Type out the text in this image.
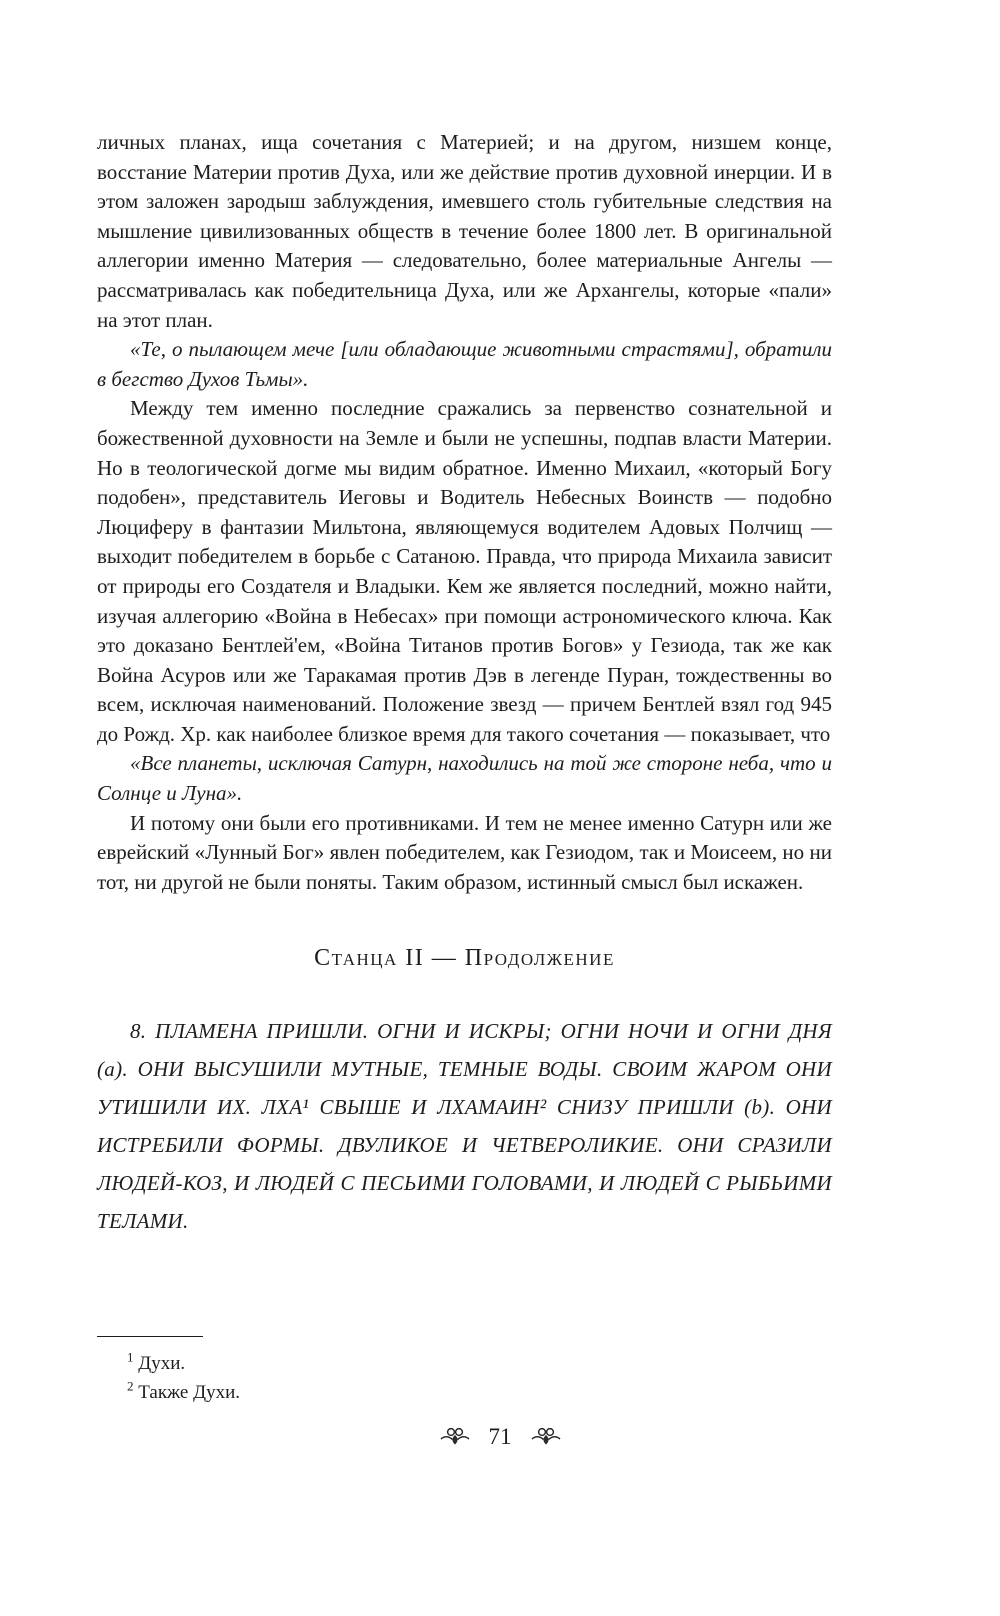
личных планах, ища сочетания с Материей; и на другом, низшем конце, восстание Материи против Духа, или же действие против духовной инерции. И в этом заложен зародыш заблуждения, имевшего столь губительные следствия на мышление цивилизованных обществ в течение более 1800 лет. В оригинальной аллегории именно Материя — следовательно, более материальные Ангелы — рассматривалась как победительница Духа, или же Архангелы, которые «пали» на этот план.

«Те, о пылающем мече [или обладающие животными страстями], обратили в бегство Духов Тьмы».

Между тем именно последние сражались за первенство сознательной и божественной духовности на Земле и были не успешны, подпав власти Материи. Но в теологической догме мы видим обратное. Именно Михаил, «который Богу подобен», представитель Иеговы и Водитель Небесных Воинств — подобно Люциферу в фантазии Мильтона, являющемуся водителем Адовых Полчищ — выходит победителем в борьбе с Сатаною. Правда, что природа Михаила зависит от природы его Создателя и Владыки. Кем же является последний, можно найти, изучая аллегорию «Война в Небесах» при помощи астрономического ключа. Как это доказано Бентлей'ем, «Война Титанов против Богов» у Гезиода, так же как Война Асуров или же Таракамая против Дэв в легенде Пуран, тождественны во всем, исключая наименований. Положение звезд — причем Бентлей взял год 945 до Рожд. Хр. как наиболее близкое время для такого сочетания — показывает, что

«Все планеты, исключая Сатурн, находились на той же стороне неба, что и Солнце и Луна».

И потому они были его противниками. И тем не менее именно Сатурн или же еврейский «Лунный Бог» явлен победителем, как Гезиодом, так и Моисеем, но ни тот, ни другой не были поняты. Таким образом, истинный смысл был искажен.

Станца II — Продолжение

8. ПЛАМЕНА ПРИШЛИ. ОГНИ И ИСКРЫ; ОГНИ НОЧИ И ОГНИ ДНЯ (а). ОНИ ВЫСУШИЛИ МУТНЫЕ, ТЕМНЫЕ ВОДЫ. СВОИМ ЖАРОМ ОНИ УТИШИЛИ ИХ. ЛХА¹ СВЫШЕ И ЛХАМАИН² СНИЗУ ПРИШЛИ (b). ОНИ ИСТРЕБИЛИ ФОРМЫ. ДВУЛИКОЕ И ЧЕТВЕРОЛИКИЕ. ОНИ СРАЗИЛИ ЛЮДЕЙ-КОЗ, И ЛЮДЕЙ С ПЕСЬИМИ ГОЛОВАМИ, И ЛЮДЕЙ С РЫБЬИМИ ТЕЛАМИ.

$^1$ Духи.

$^2$ Также Духи.

71
